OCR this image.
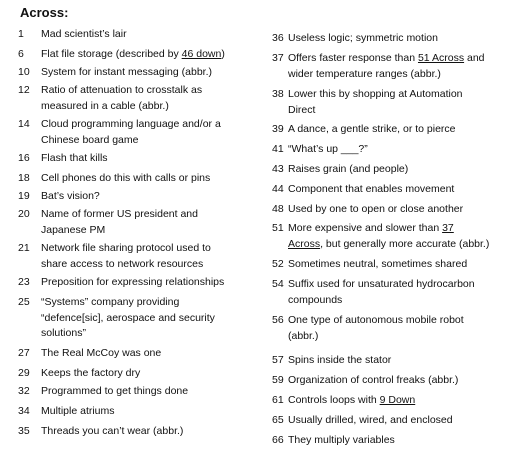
Across:
1 Mad scientist’s lair
6 Flat file storage (described by 46 down)
10 System for instant messaging (abbr.)
12 Ratio of attenuation to crosstalk as
measured in a cable (abbr.)
14 Cloud programming language and/or a
Chinese board game
16 Flash that kills
18 Cell phones do this with calls or pins
19 Bat’s vision?
20 Name of former US president and
Japanese PM
21 Network file sharing protocol used to
share access to network resources
23 Preposition for expressing relationships
25 “Systems” company providing
“defence[sic], aerospace and security
solutions”
27 The Real McCoy was one
29 Keeps the factory dry
32 Programmed to get things done
34 Multiple atriums
35 Threads you can’t wear (abbr.)
36 Useless logic; symmetric motion
37 Offers faster response than 51 Across and
wider temperature ranges (abbr.)
38 Lower this by shopping at Automation
Direct
39 A dance, a gentle strike, or to pierce
41 “What’s up ___?”
43 Raises grain (and people)
44 Component that enables movement
48 Used by one to open or close another
51 More expensive and slower than 37
Across, but generally more accurate (abbr.)
52 Sometimes neutral, sometimes shared
54 Suffix used for unsaturated hydrocarbon
compounds
56 One type of autonomous mobile robot
(abbr.)
57 Spins inside the stator
59 Organization of control freaks (abbr.)
61 Controls loops with 9 Down
65 Usually drilled, wired, and enclosed
66 They multiply variables
